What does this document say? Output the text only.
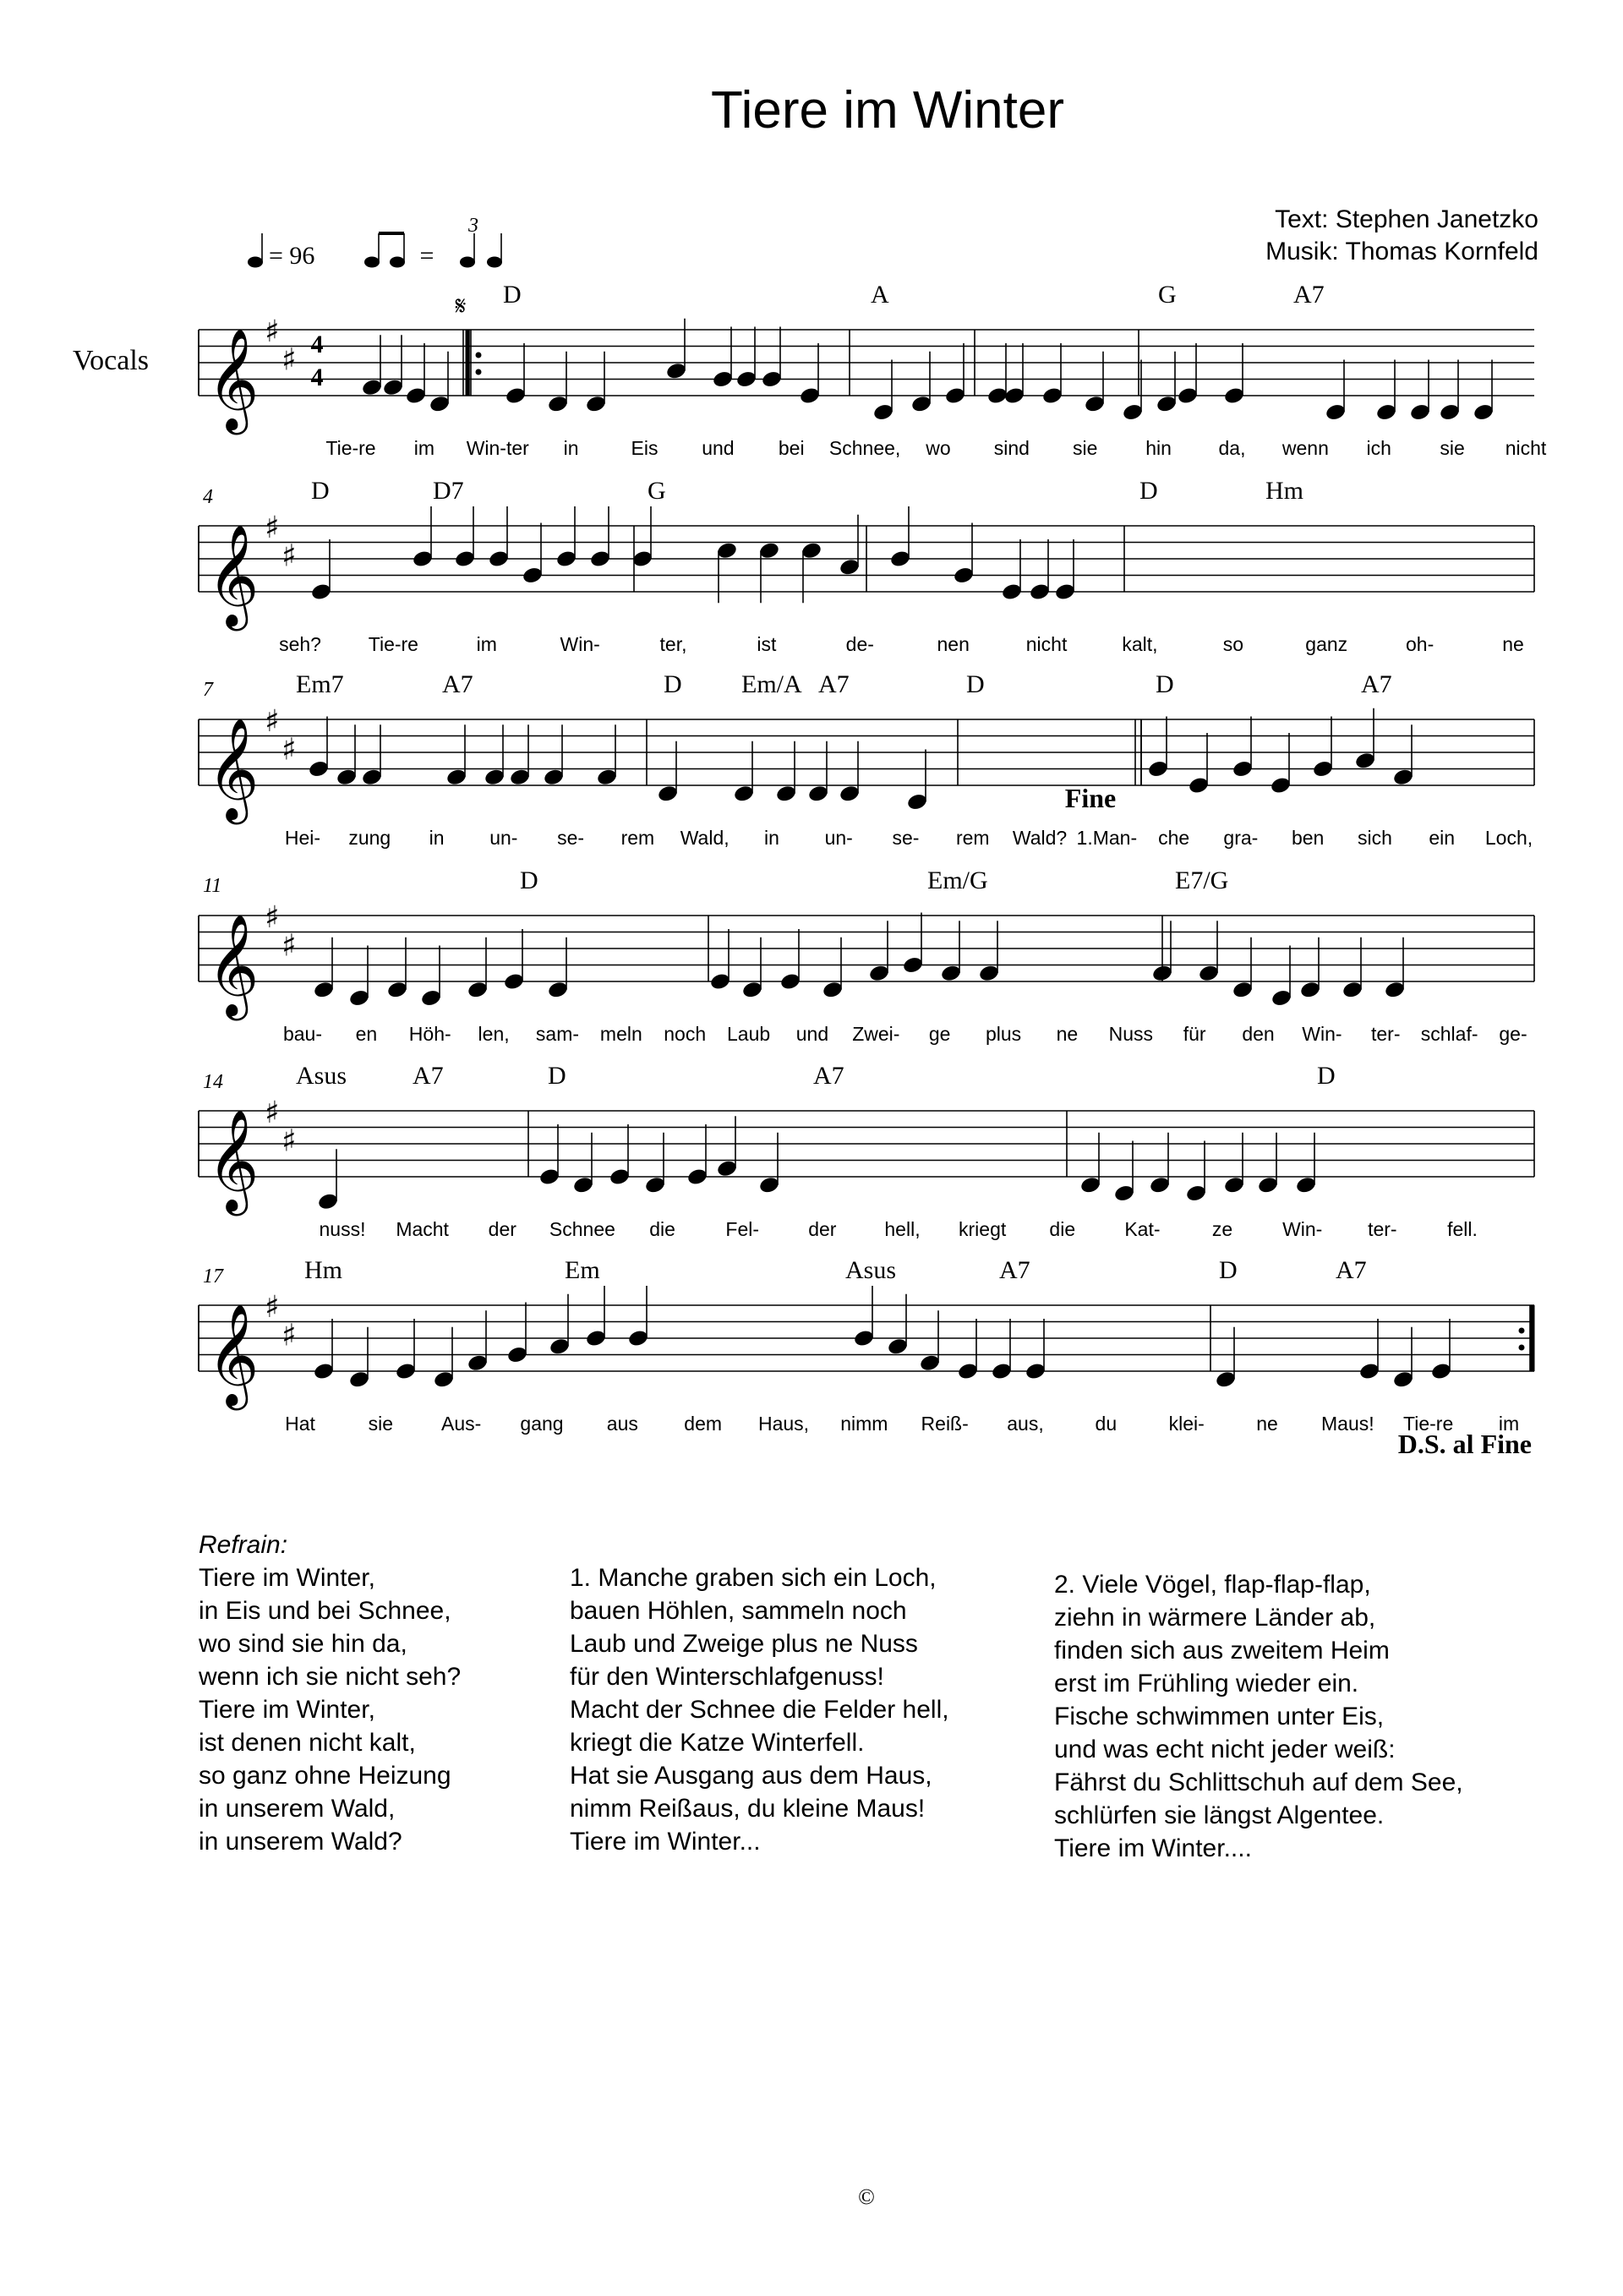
Tiere im Winter
Text: Stephen Janetzko
Musik: Thomas Kornfeld
Vocals 𝄞 ♯
♯
D	A	G	A7
Tie-re im Win-ter in	Eis und bei Schnee, wo sind sie hin da, wenn ich sie nicht
𝄞 ♯
♯
D	D7	G	D	Hm
seh? Tie-re	im	Win-	ter,	ist	de-	nen	nicht	kalt,	so	ganz	oh-	ne
𝄞 ♯
♯
Em7	A7	D Em/A A7	D	D	A7
Hei- zung in un- se- rem Wald, in un- se- rem Wald? 1.Man- che gra- ben sich ein Loch,
𝄞 ♯
♯
D	Em/G	E7/G
bau- en Höh- len, sam- meln noch Laub und Zwei- ge plus ne Nuss für den Win- ter- schlaf- ge-
𝄞 ♯
♯
Asus	A7	D	A7	D
nuss! Macht der Schnee die	Fel-	der hell, kriegt die	Kat-	ze	Win- ter-	fell.
𝄞 ♯
♯
Hm	Em	Asus	A7	D	A7
Hat	sie Aus- gang aus dem Haus, nimm Reiß- aus,	du	klei-	ne Maus! Tie-re im
4
4
𝄋
Fine
= 96	=
3
4
7
11
14
17
D.S. al Fine
Refrain:
Tiere im Winter,
in Eis und bei Schnee,
wo sind sie hin da,
wenn ich sie nicht seh?
Tiere im Winter,
ist denen nicht kalt,
so ganz ohne Heizung
in unserem Wald,
in unserem Wald?
1. Manche graben sich ein Loch,
bauen Höhlen, sammeln noch
Laub und Zweige plus ne Nuss
für den Winterschlafgenuss!
Macht der Schnee die Felder hell,
kriegt die Katze Winterfell.
Hat sie Ausgang aus dem Haus,
nimm Reißaus, du kleine Maus!
Tiere im Winter...
2. Viele Vögel, flap-flap-flap,
ziehn in wärmere Länder ab,
finden sich aus zweitem Heim
erst im Frühling wieder ein.
Fische schwimmen unter Eis,
und was echt nicht jeder weiß:
Fährst du Schlittschuh auf dem See,
schlürfen sie längst Algentee.
Tiere im Winter....
©
